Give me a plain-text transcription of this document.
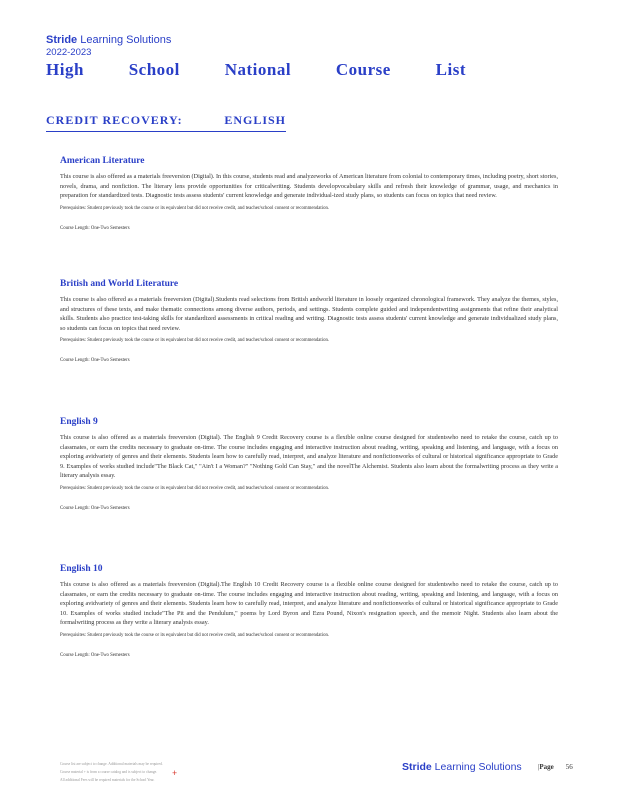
Stride Learning Solutions
2022-2023
High	School	National	Course	List
CREDIT RECOVERY:	ENGLISH
American Literature

This course is also offered as a materials freeversion (Digital). In this course, students read and analyzeworks of American literature from colonial to contemporary times, including poetry, short stories, novels, drama, and nonfiction. The literary lens provide opportunities for criticalwriting. Students developvocabulary skills and refresh their knowledge of grammar, usage, and mechanics in preparation for standardized tests. Diagnostic tests assess students' current knowledge and generate individual-ized study plans, so students can focus on topics that need review.

Prerequisites: Student previously took the course or its equivalent but did not receive credit, and teacher/school consent or recommendation.
Course Length: One-Two Semesters
British and World Literature

This course is also offered as a materials freeversion (Digital).Students read selections from British andworld literature in loosely organized chronological framework. They analyze the themes, styles, and structures of these texts, and make thematic connections among diverse authors, periods, and settings. Students complete guided and independentwriting assignments that refine their analytical skills. Students also practice test-taking skills for standardized assessments in critical reading and writing. Diagnostic tests assess students' current knowledge and generate individualized study plans, so students can focus on topics that need review.

Prerequisites: Student previously took the course or its equivalent but did not receive credit, and teacher/school consent or recommendation.
Course Length: One-Two Semesters
English 9

This course is also offered as a materials freeversion (Digital). The English 9 Credit Recovery course is a flexible online course designed for studentswho need to retake the course, catch up to classmates, or earn the credits necessary to graduate on-time. The course includes engaging and interactive instruction about reading, writing, speaking and listening, and language, with a focus on exploring avidvariety of genres and their elements. Students learn how to carefully read, interpret, and analyze literature and nonfictionworks of cultural or historical significance appropriate to Grade 9. Examples of works studied include"The Black Cat," "Ain't I a Woman?" "Nothing Gold Can Stay," and the novelThe Alchemist. Students also learn about the formalwriting process as they write a literary analysis essay.

Prerequisites: Student previously took the course or its equivalent but did not receive credit, and teacher/school consent or recommendation.
Course Length: One-Two Semesters
English 10

This course is also offered as a materials freeversion (Digital).The English 10 Credit Recovery course is a flexible online course designed for studentswho need to retake the course, catch up to classmates, or earn the credits necessary to graduate on-time. The course includes engaging and interactive instruction about reading, writing, speaking and listening, and language, with a focus on exploring avidvariety of genres and their elements. Students learn how to carefully read, interpret, and analyze literature and nonfictionworks of cultural or historical significance appropriate to Grade 10. Examples of works studied include"The Pit and the Pendulum," poems by Lord Byron and Ezra Pound, Nixon's resignation speech, and the memoir Night. Students also learn about the formalwriting process as they write a literary analysis essay.

Prerequisites: Student previously took the course or its equivalent but did not receive credit, and teacher/school consent or recommendation.
Course Length: One-Two Semesters
Course list are subject to change. Additional materials may be required.
Course material + is from a course catalog and is subject to change.
All additional Fees will be required materials for the School Year.
+	Stride Learning Solutions |Page 56
